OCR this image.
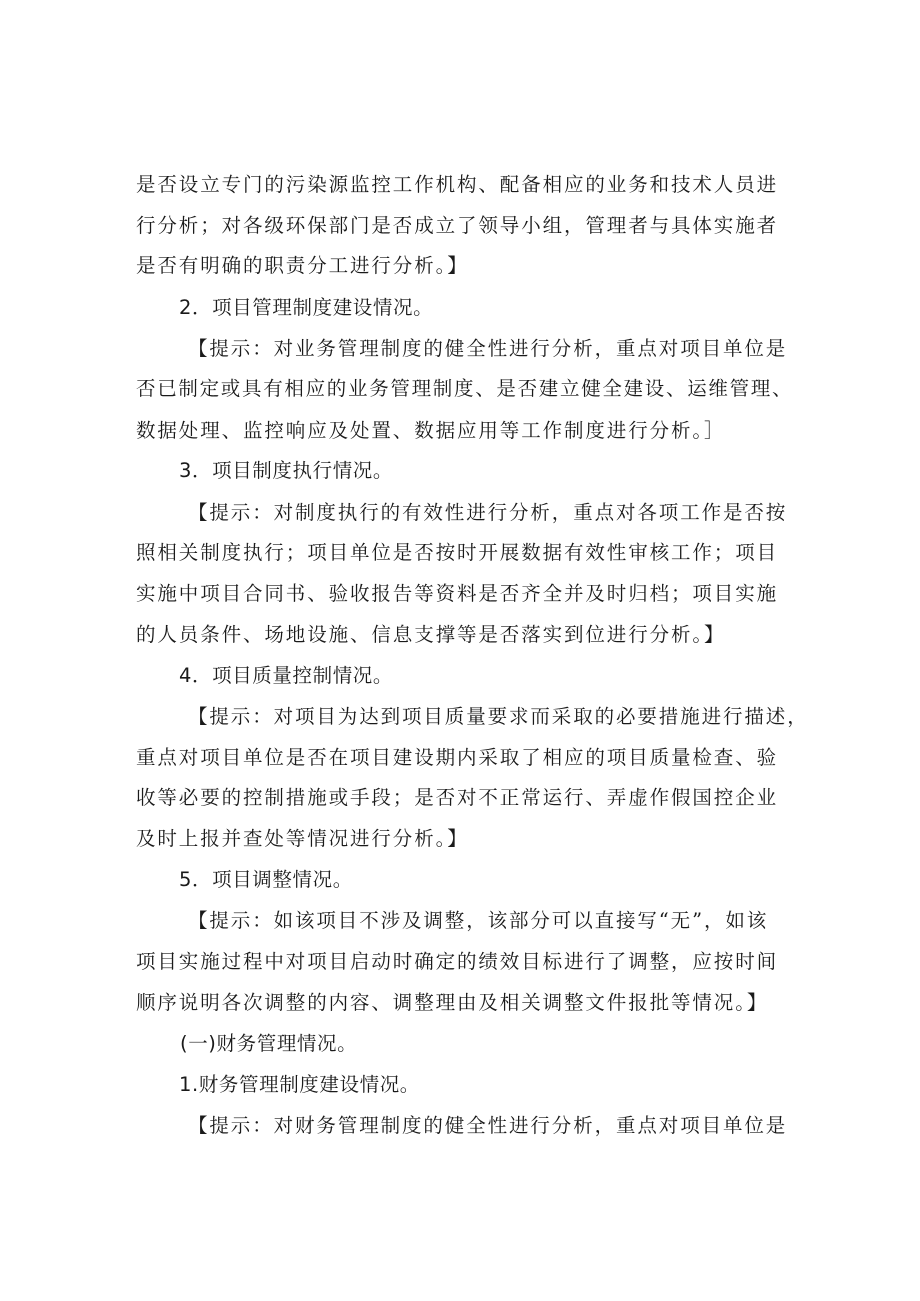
是否设立专门的污染源监控工作机构、配备相应的业务和技术人员进
行分析；对各级环保部门是否成立了领导小组，管理者与具体实施者
是否有明确的职责分工进行分析。】
2．项目管理制度建设情况。
【提示：对业务管理制度的健全性进行分析，重点对项目单位是
否已制定或具有相应的业务管理制度、是否建立健全建设、运维管理、
数据处理、监控响应及处置、数据应用等工作制度进行分析。］
3．项目制度执行情况。
【提示：对制度执行的有效性进行分析，重点对各项工作是否按
照相关制度执行；项目单位是否按时开展数据有效性审核工作；项目
实施中项目合同书、验收报告等资料是否齐全并及时归档；项目实施
的人员条件、场地设施、信息支撑等是否落实到位进行分析。】
4．项目质量控制情况。
【提示：对项目为达到项目质量要求而采取的必要措施进行描述，
重点对项目单位是否在项目建设期内采取了相应的项目质量检查、验
收等必要的控制措施或手段；是否对不正常运行、弄虚作假国控企业
及时上报并查处等情况进行分析。】
5．项目调整情况。
【提示：如该项目不涉及调整，该部分可以直接写“无”，如该
项目实施过程中对项目启动时确定的绩效目标进行了调整，应按时间
顺序说明各次调整的内容、调整理由及相关调整文件报批等情况。】
(一)财务管理情况。
1.财务管理制度建设情况。
【提示：对财务管理制度的健全性进行分析，重点对项目单位是
